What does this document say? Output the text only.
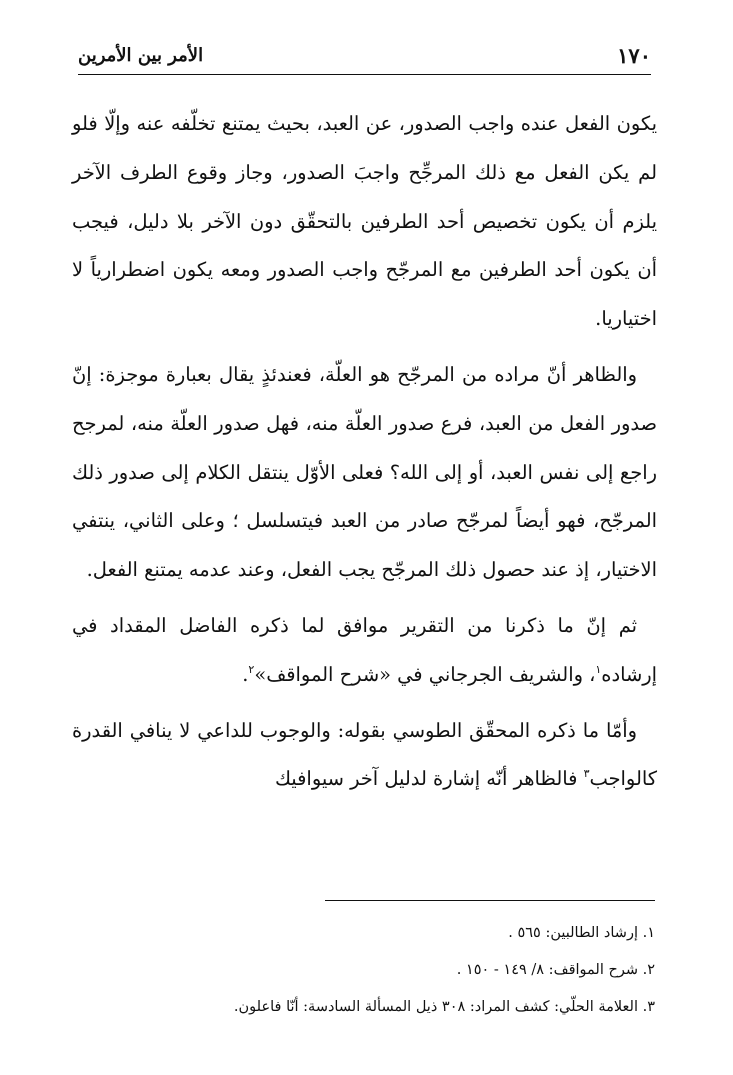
الأمر بين الأمرين	١٧٠

يكون الفعل عنده واجب الصدور، عن العبد، بحيث يمتنع تخلّفه عنه وإلّا فلو لم يكن الفعل مع ذلك المرجِّح واجبَ الصدور، وجاز وقوع الطرف الآخر يلزم أن يكون تخصيص أحد الطرفين بالتحقّق دون الآخر بلا دليل، فيجب أن يكون أحد الطرفين مع المرجّح واجب الصدور ومعه يكون اضطرارياً لا اختياريا.

والظاهر أنّ مراده من المرجّح هو العلّة، فعندئذٍ يقال بعبارة موجزة: إنّ صدور الفعل من العبد، فرع صدور العلّة منه، فهل صدور العلّة منه، لمرجح راجع إلى نفس العبد، أو إلى الله؟ فعلى الأوّل ينتقل الكلام إلى صدور ذلك المرجّح، فهو أيضاً لمرجّح صادر من العبد فيتسلسل ؛ وعلى الثاني، ينتفي الاختيار، إذ عند حصول ذلك المرجّح يجب الفعل، وعند عدمه يمتنع الفعل.

ثم إنّ ما ذكرنا من التقرير موافق لما ذكره الفاضل المقداد في إرشاده$^١$، والشريف الجرجاني في «شرح المواقف»$^٢$.

وأمّا ما ذكره المحقّق الطوسي بقوله: والوجوب للداعي لا ينافي القدرة كالواجب$^٣$ فالظاهر أنّه إشارة لدليل آخر سيوافيك

١. إرشاد الطالبين: ٥٦٥ .
٢. شرح المواقف: ٨/ ١٤٩ - ١٥٠ .
٣. العلامة الحلّي: كشف المراد: ٣٠٨ ذيل المسألة السادسة: أنّا فاعلون.
